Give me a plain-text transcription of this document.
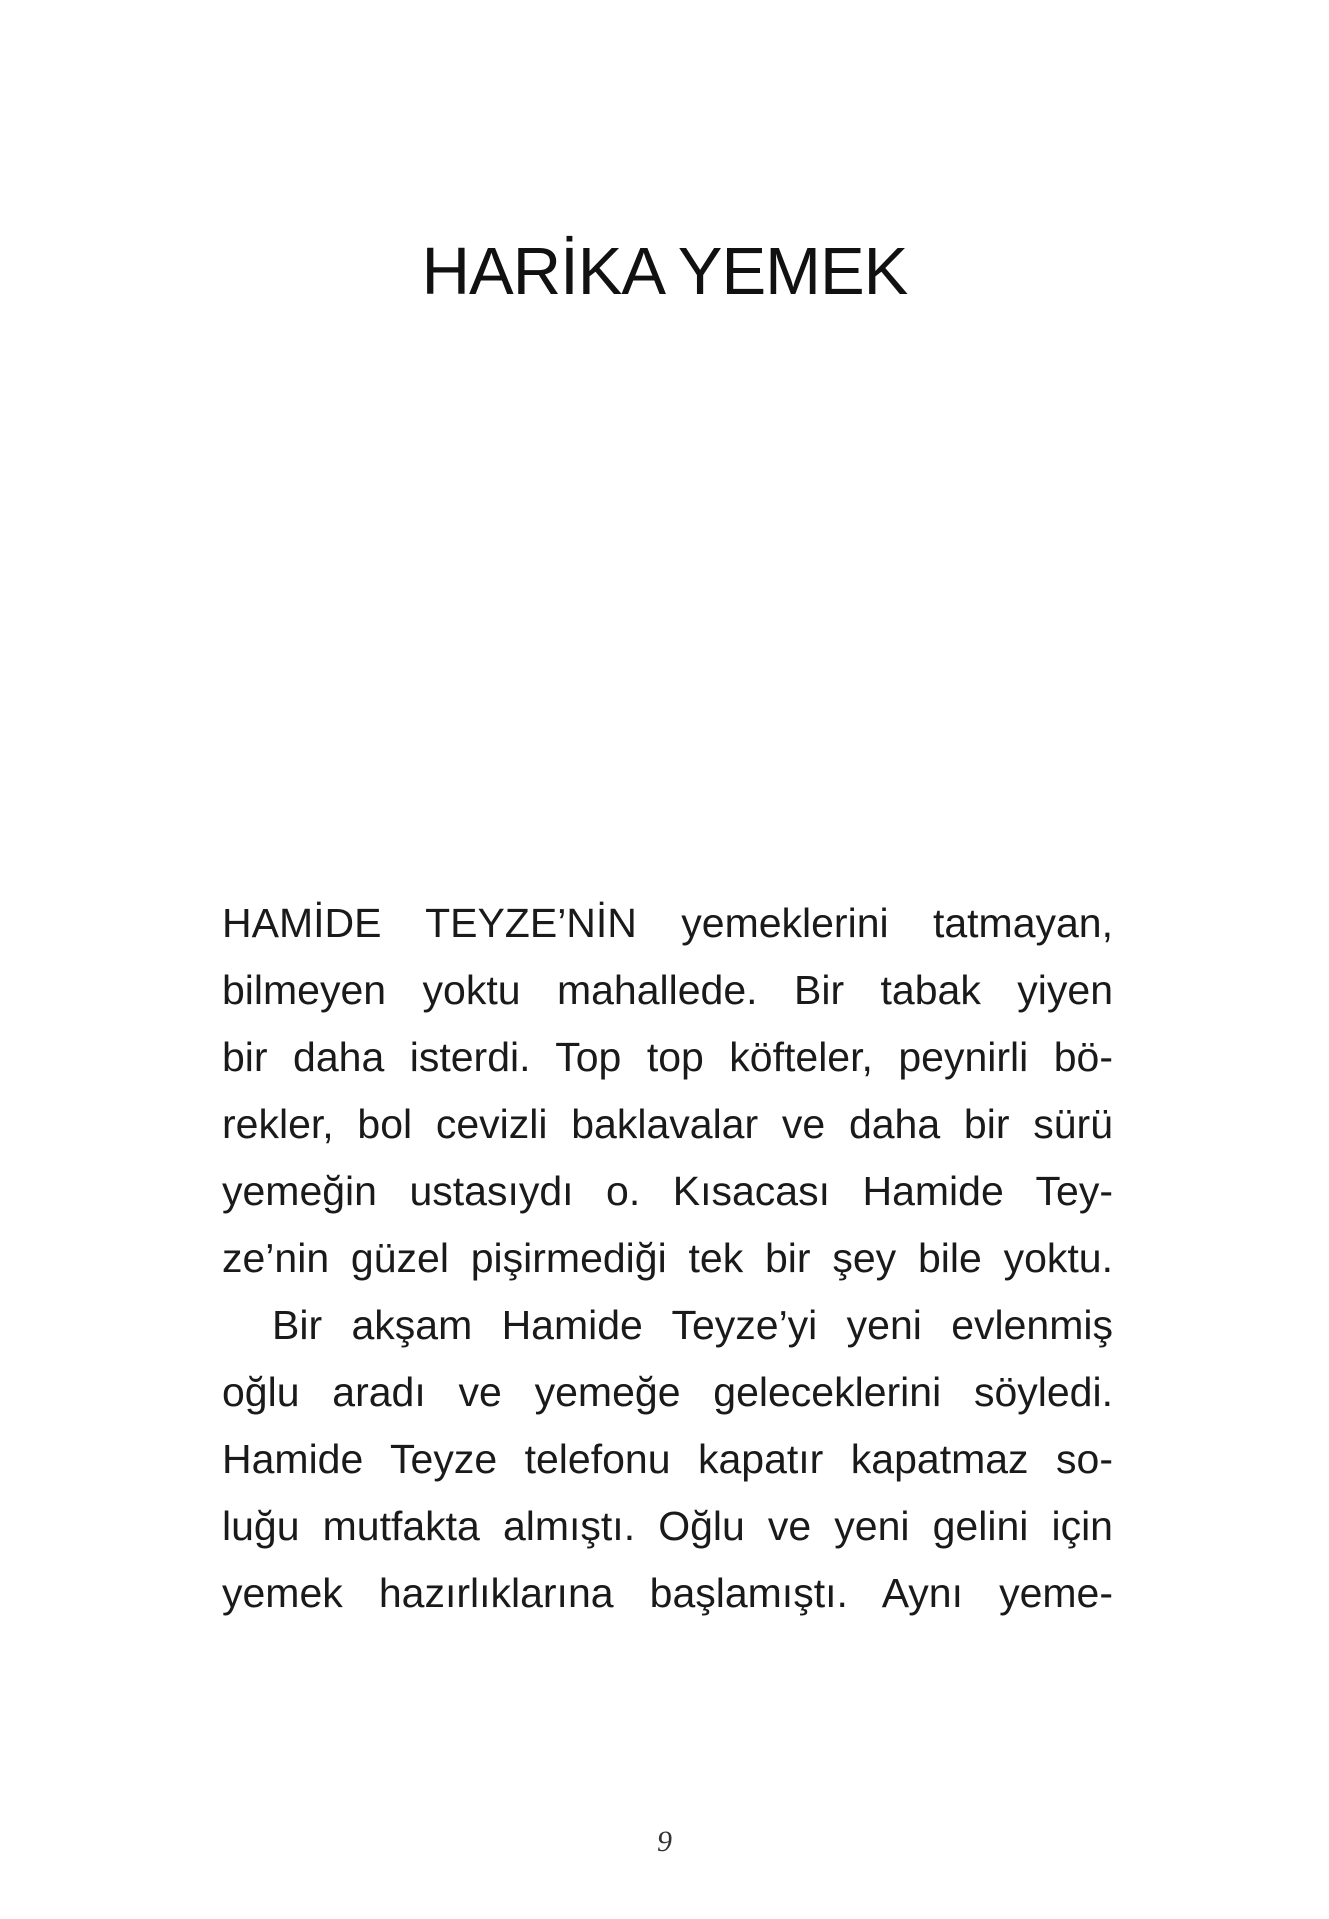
HARİKA YEMEK
HAMİDE TEYZE’NİN yemeklerini tatmayan,
bilmeyen yoktu mahallede. Bir tabak yiyen
bir daha isterdi. Top top köfteler, peynirli bö-
rekler, bol cevizli baklavalar ve daha bir sürü
yemeğin ustasıydı o. Kısacası Hamide Tey-
ze’nin güzel pişirmediği tek bir şey bile yoktu.
Bir akşam Hamide Teyze’yi yeni evlenmiş
oğlu aradı ve yemeğe geleceklerini söyledi.
Hamide Teyze telefonu kapatır kapatmaz so-
luğu mutfakta almıştı. Oğlu ve yeni gelini için
yemek hazırlıklarına başlamıştı. Aynı yeme-
9
